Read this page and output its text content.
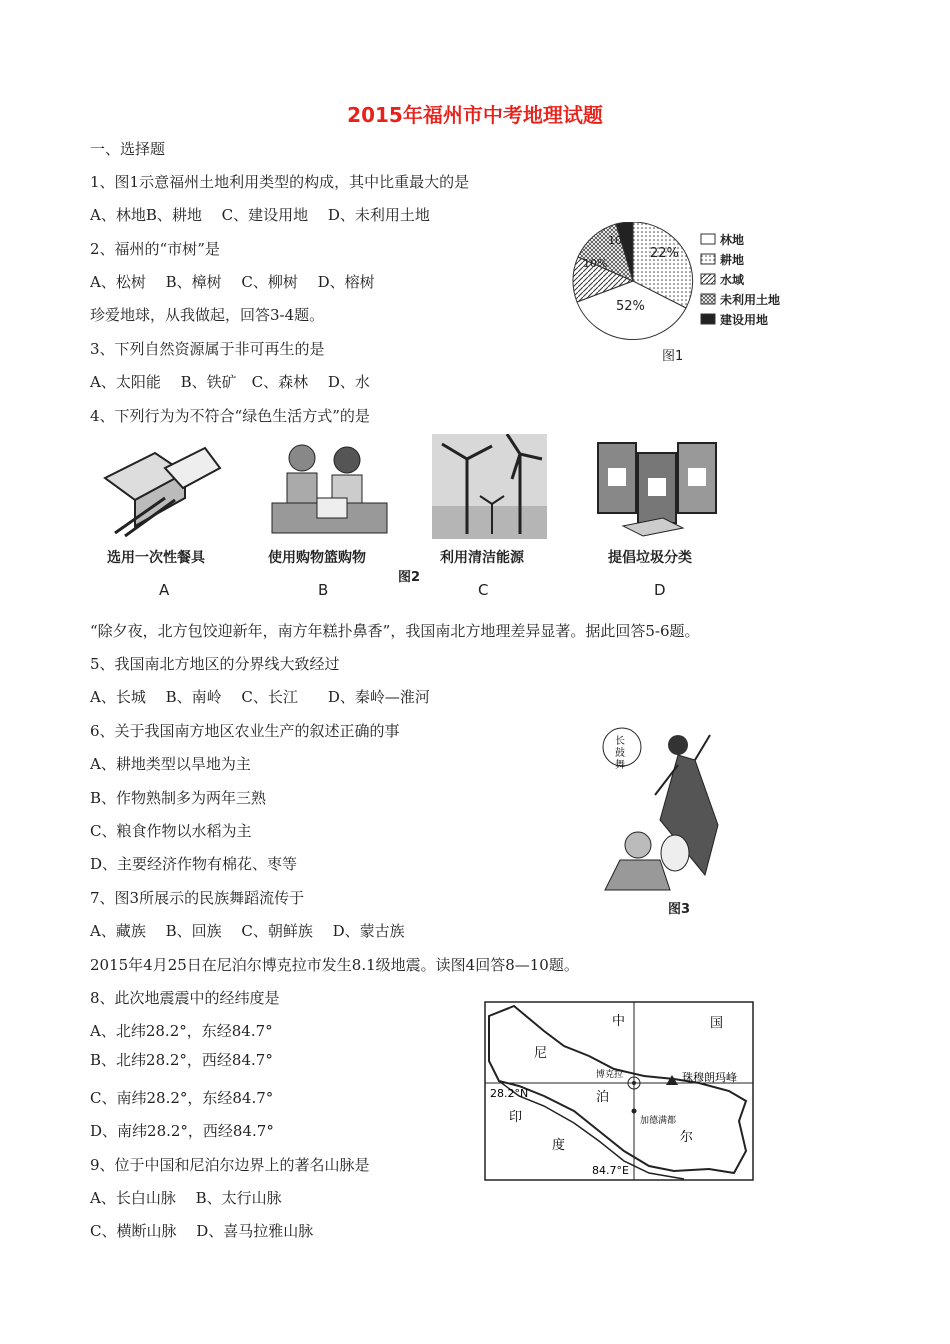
2015年福州市中考地理试题
一、选择题
1、图1示意福州土地利用类型的构成，其中比重最大的是
A、林地B、耕地　 C、建设用地　 D、未利用土地
2、福州的“市树”是
A、松树　 B、樟树　 C、柳树　 D、榕树
珍爱地球，从我做起，回答3-4题。
3、下列自然资源属于非可再生的是
A、太阳能　 B、铁矿　C、森林　 D、水
4、下列行为为不符合“绿色生活方式”的是
“除夕夜，北方包饺迎新年，南方年糕扑鼻香”，我国南北方地理差异显著。据此回答5-6题。
5、我国南北方地区的分界线大致经过
A、长城　 B、南岭　 C、长江　　D、秦岭—淮河
6、关于我国南方地区农业生产的叙述正确的事
A、耕地类型以旱地为主
B、作物熟制多为两年三熟
C、粮食作物以水稻为主
D、主要经济作物有棉花、枣等
7、图3所展示的民族舞蹈流传于
A、藏族　 B、回族　 C、朝鲜族　 D、蒙古族
2015年4月25日在尼泊尔博克拉市发生8.1级地震。读图4回答8—10题。
8、此次地震震中的经纬度是
A、北纬28.2°，东经84.7°
B、北纬28.2°，西经84.7°
C、南纬28.2°，东经84.7°
D、南纬28.2°，西经84.7°
9、位于中国和尼泊尔边界上的著名山脉是
A、长白山脉　 B、太行山脉
C、横断山脉　 D、喜马拉雅山脉
22%
52%
10%
10%
林地
耕地
水域
未利用土地
建设用地
图1
选用一次性餐具	使用购物篮购物	利用清洁能源	提倡垃圾分类
图2
A	B	C	D
长
鼓
舞
图3
中	国
尼
泊
尔
印
度
28.2°N
84.7°E
博克拉
加德满都
珠穆朗玛峰
